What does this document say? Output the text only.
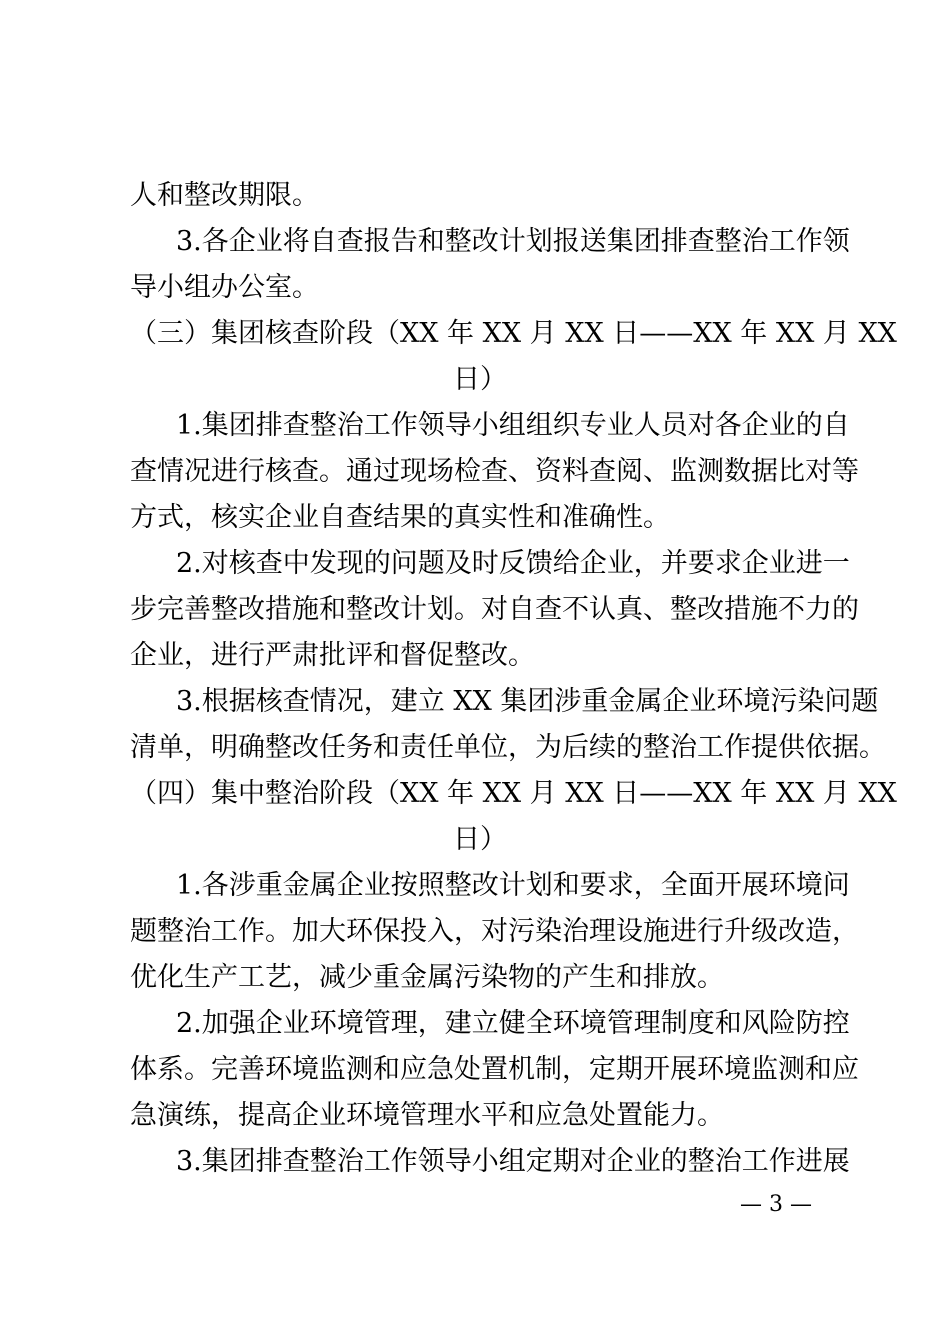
人和整改期限。

3.各企业将自查报告和整改计划报送集团排查整治工作领

导小组办公室。

（三）集团核查阶段（XX 年 XX 月 XX 日——XX 年 XX 月 XX

日）

1.集团排查整治工作领导小组组织专业人员对各企业的自

查情况进行核查。通过现场检查、资料查阅、监测数据比对等

方式，核实企业自查结果的真实性和准确性。

2.对核查中发现的问题及时反馈给企业，并要求企业进一

步完善整改措施和整改计划。对自查不认真、整改措施不力的

企业，进行严肃批评和督促整改。

3.根据核查情况，建立 XX 集团涉重金属企业环境污染问题

清单，明确整改任务和责任单位，为后续的整治工作提供依据。

（四）集中整治阶段（XX 年 XX 月 XX 日——XX 年 XX 月 XX

日）

1.各涉重金属企业按照整改计划和要求，全面开展环境问

题整治工作。加大环保投入，对污染治理设施进行升级改造，

优化生产工艺，减少重金属污染物的产生和排放。

2.加强企业环境管理，建立健全环境管理制度和风险防控

体系。完善环境监测和应急处置机制，定期开展环境监测和应

急演练，提高企业环境管理水平和应急处置能力。

3.集团排查整治工作领导小组定期对企业的整治工作进展

— 3 —
